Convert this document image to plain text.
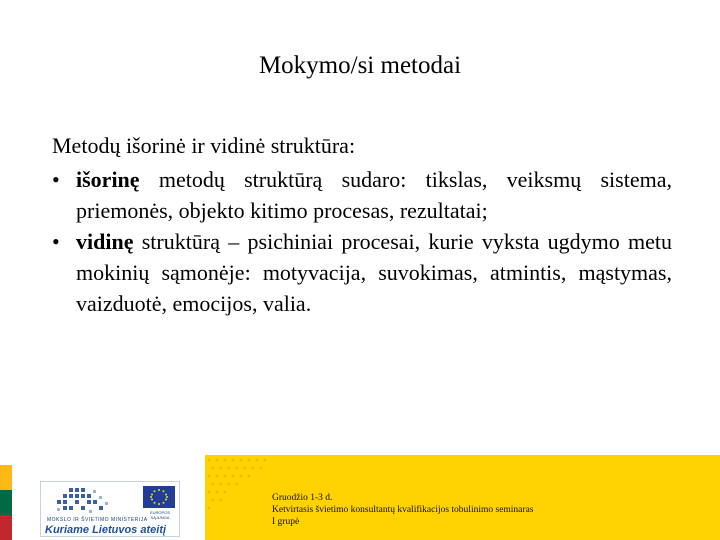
Mokymo/si metodai

Metodų išorinė ir vidinė struktūra:

• išorinę metodų struktūrą sudaro: tikslas, veiksmų sistema, priemonės, objekto kitimo procesas, rezultatai;

• vidinę struktūrą – psichiniai procesai, kurie vyksta ugdymo metu mokinių sąmonėje: motyvacija, suvokimas, atmintis, mąstymas, vaizduotė, emocijos, valia.

MOKSLO IR ŠVIETIMO MINISTERIJA
Kuriame Lietuvos ateitį
EUROPOS SĄJUNGA
Gruodžio 1-3 d.
Ketvirtasis švietimo konsultantų kvalifikacijos tobulinimo seminaras
I grupė
